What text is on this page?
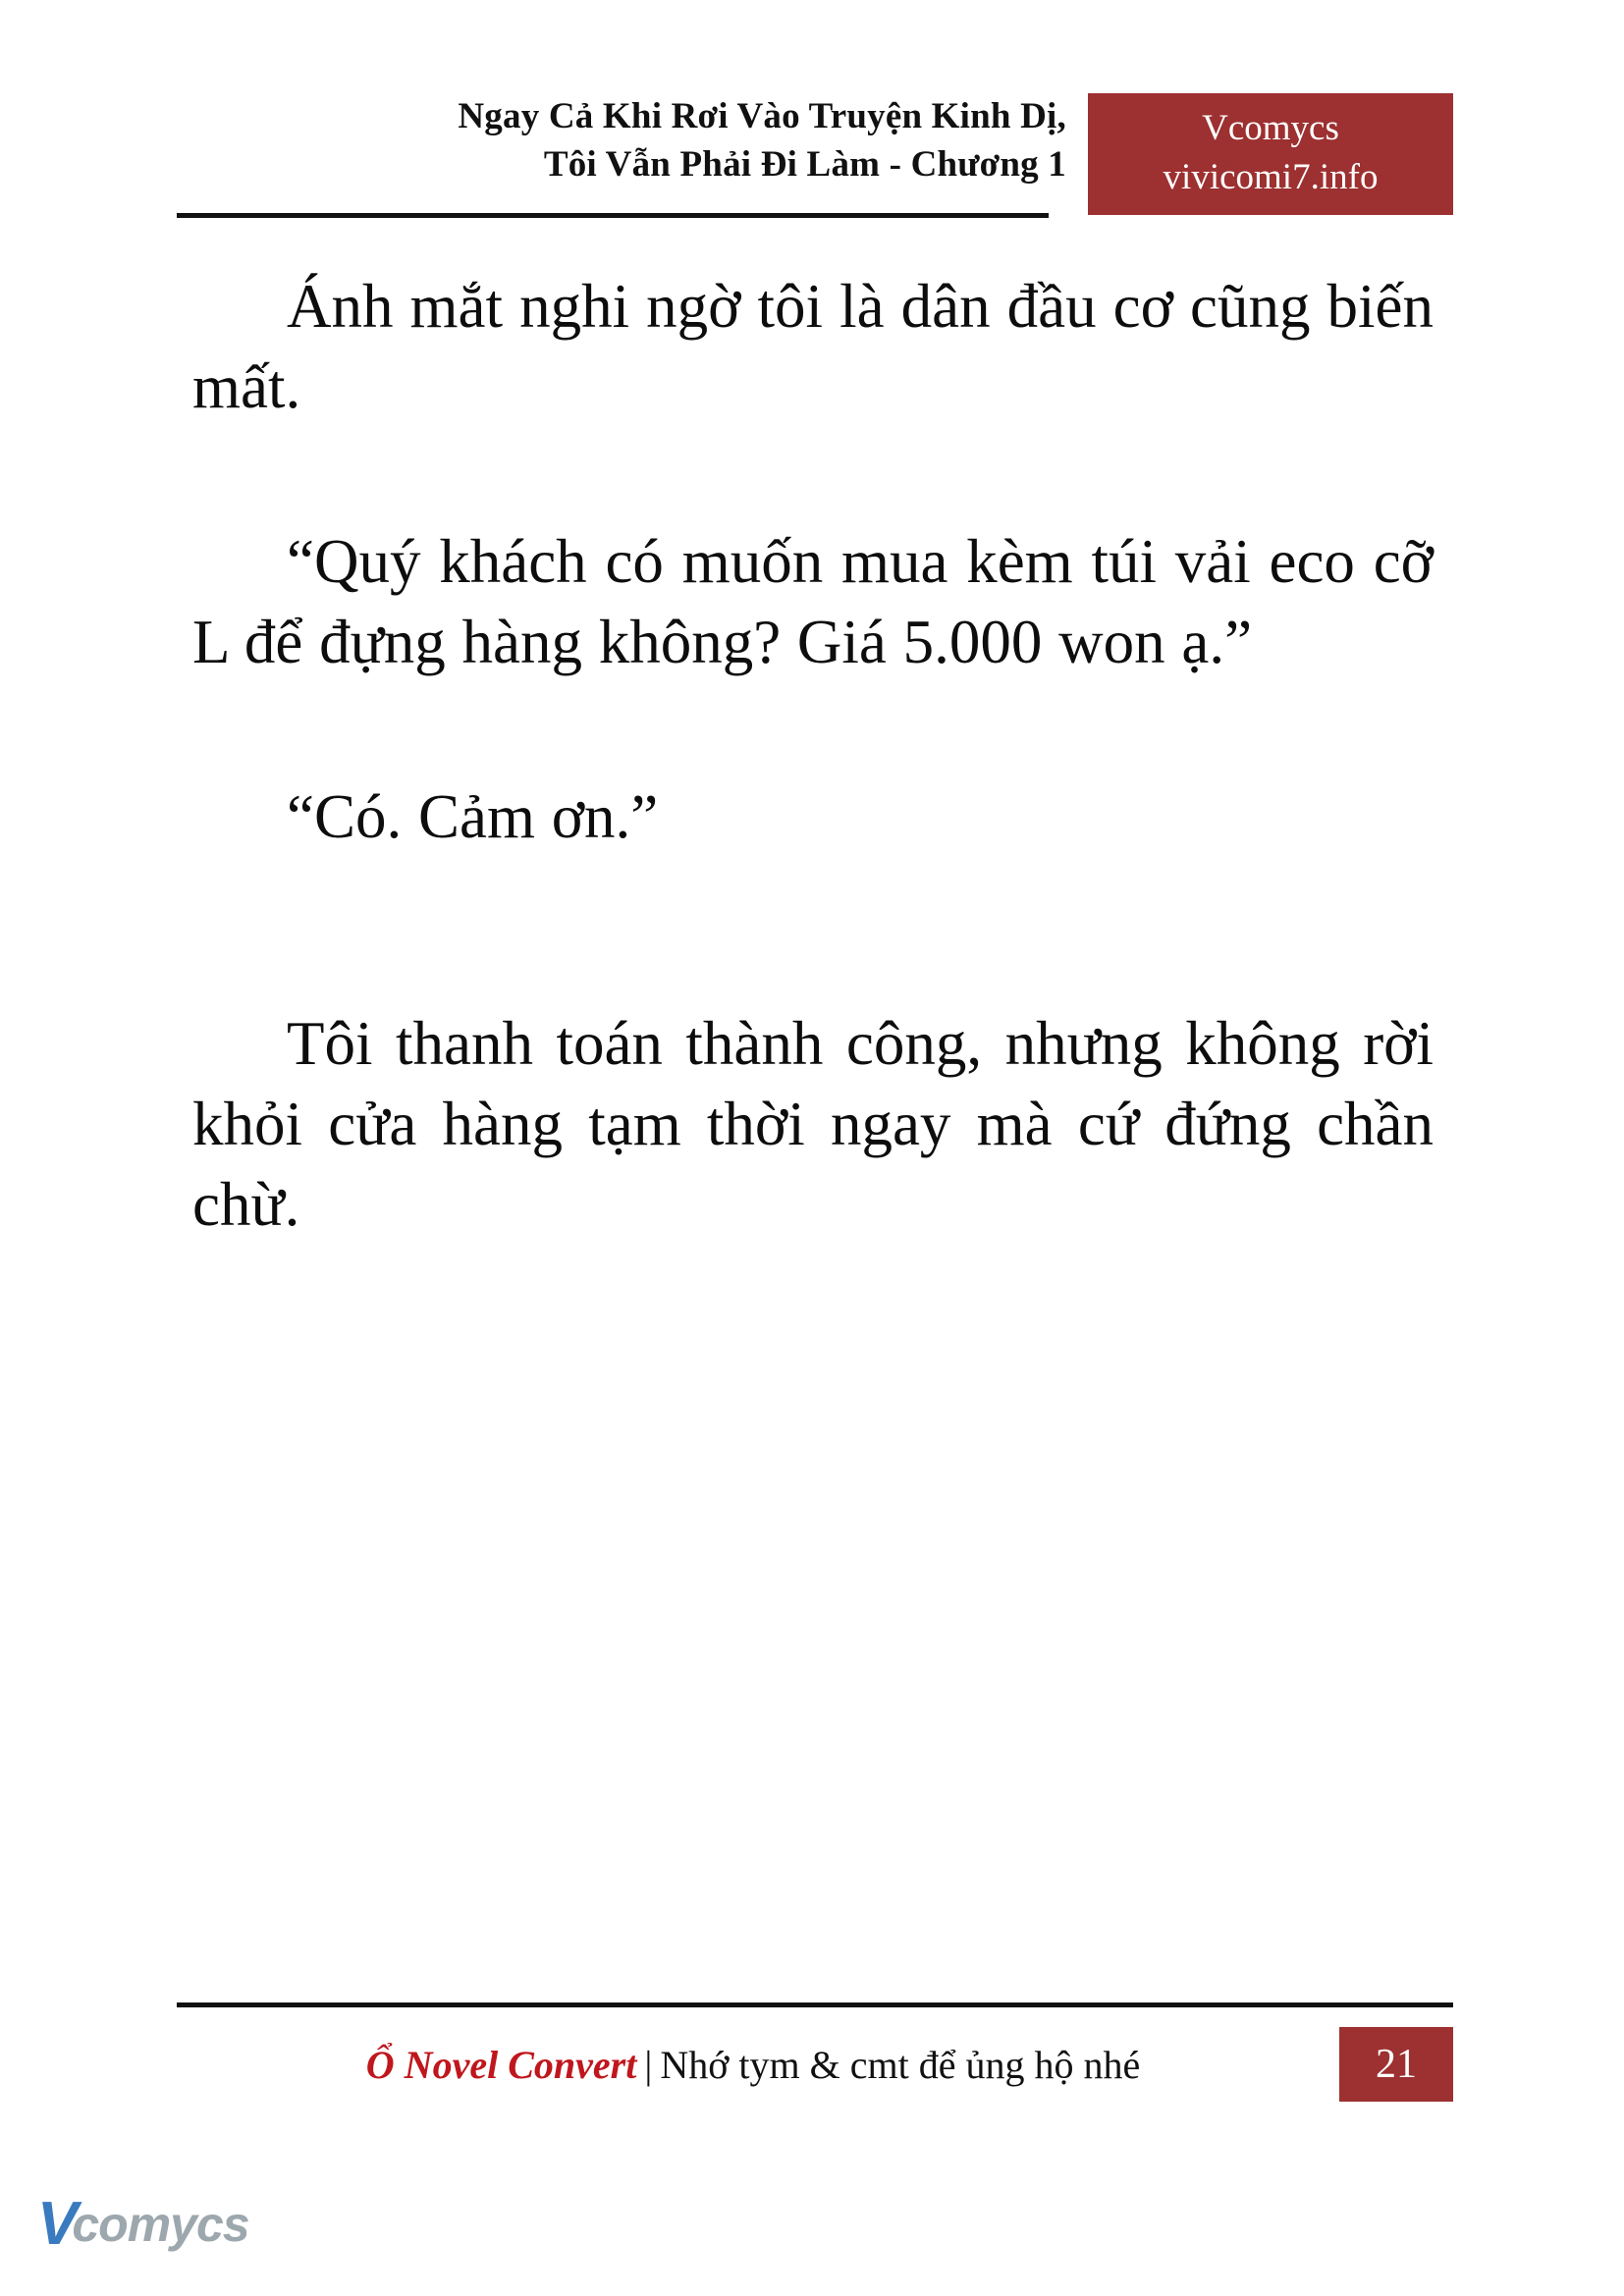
Ngay Cả Khi Rơi Vào Truyện Kinh Dị,
Tôi Vẫn Phải Đi Làm - Chương 1
Vcomycs
vivicomi7.info

Ánh mắt nghi ngờ tôi là dân đầu cơ cũng biến mất.

“Quý khách có muốn mua kèm túi vải eco cỡ L để đựng hàng không? Giá 5.000 won ạ.”

“Có. Cảm ơn.”

Tôi thanh toán thành công, nhưng không rời khỏi cửa hàng tạm thời ngay mà cứ đứng chần chừ.

Ổ Novel Convert | Nhớ tym & cmt để ủng hộ nhé	21
V
comycs
